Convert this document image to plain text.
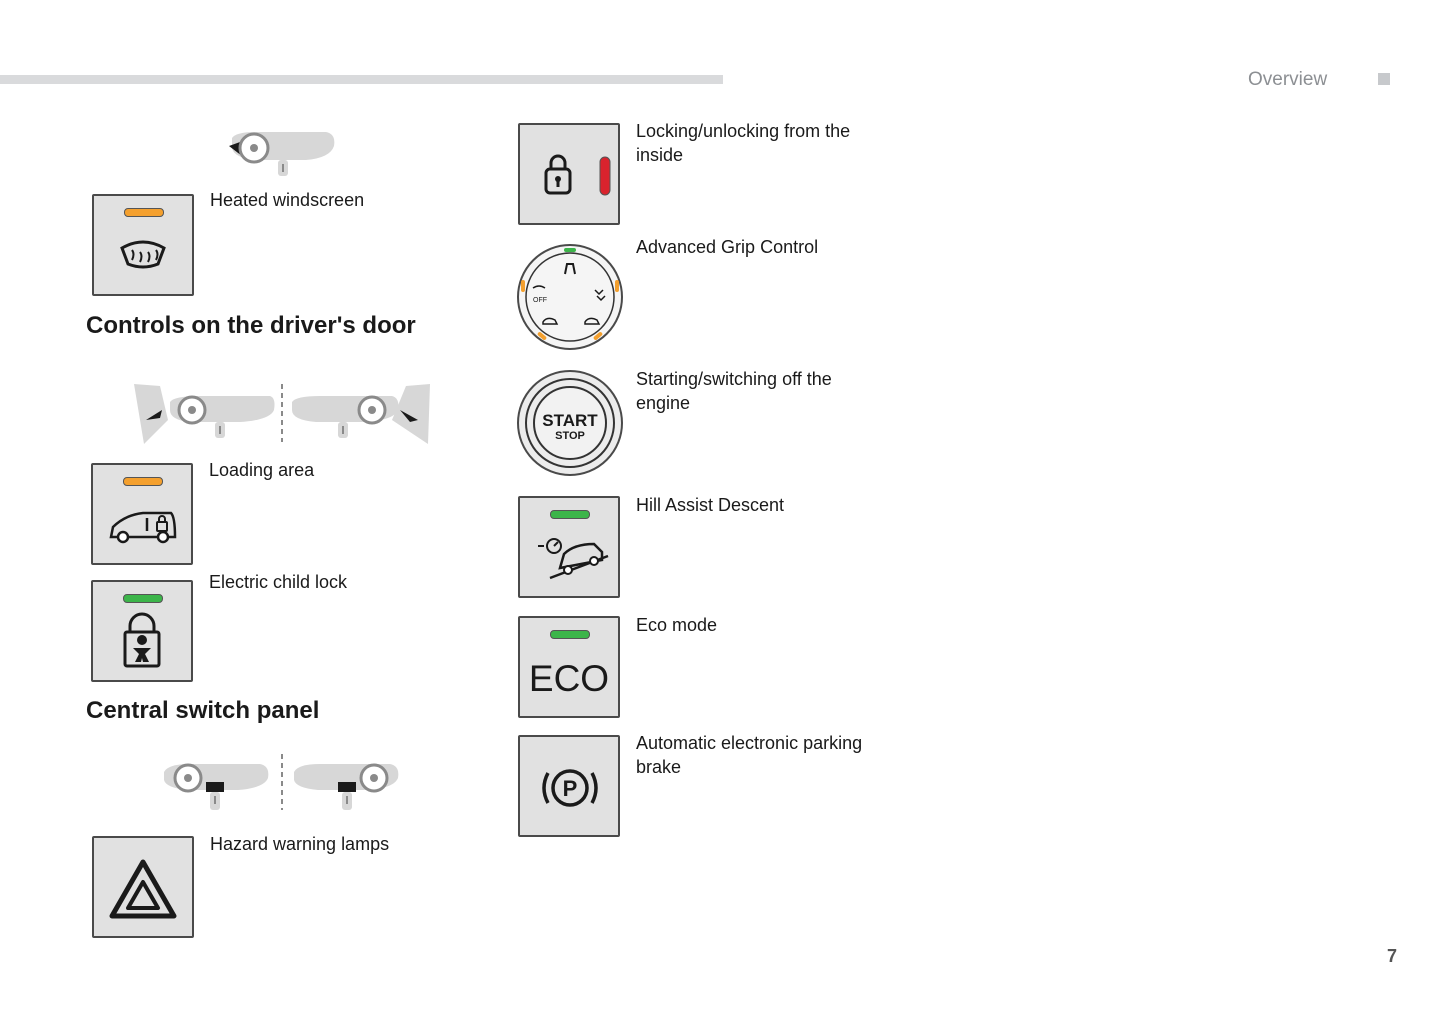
Overview
Heated windscreen
Controls on the driver's door
Loading area
Electric child lock
Central switch panel
Hazard warning lamps
Locking/unlocking from the inside
OFF
Advanced Grip Control
START
STOP
Starting/switching off the engine
Hill Assist Descent
ECO
Eco mode
P
Automatic electronic parking brake
7
